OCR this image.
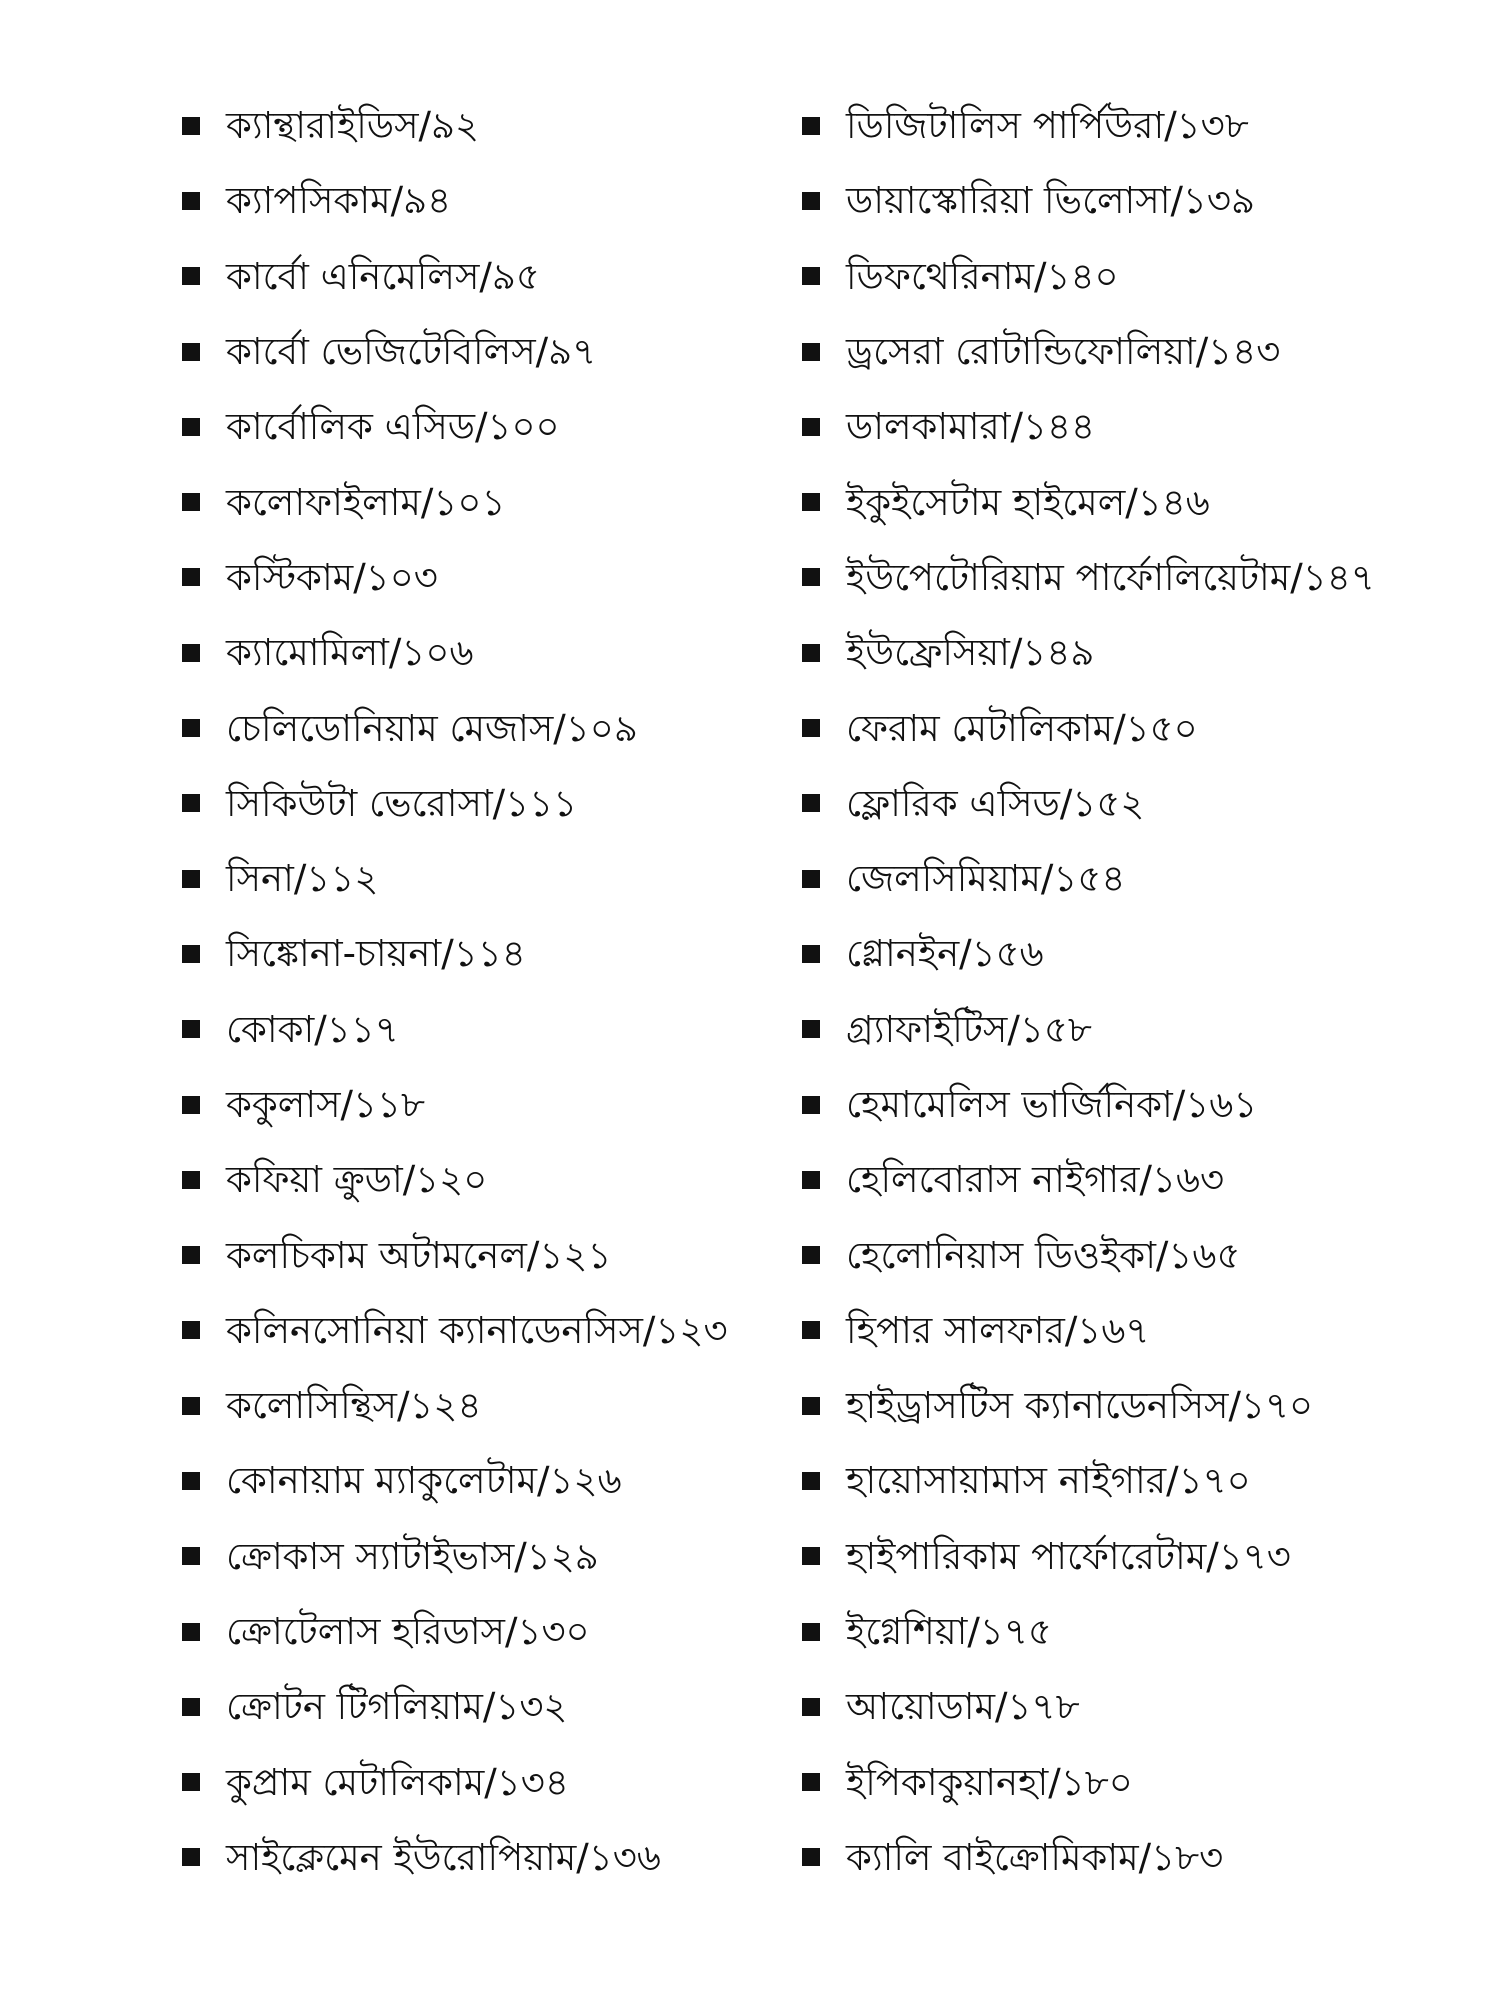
ক্যান্থারাইডিস/৯২
ক্যাপসিকাম/৯৪
কার্বো এনিমেলিস/৯৫
কার্বো ভেজিটেবিলিস/৯৭
কার্বোলিক এসিড/১০০
কলোফাইলাম/১০১
কস্টিকাম/১০৩
ক্যামোমিলা/১০৬
চেলিডোনিয়াম মেজাস/১০৯
সিকিউটা ভেরোসা/১১১
সিনা/১১২
সিঙ্কোনা-চায়না/১১৪
কোকা/১১৭
ককুলাস/১১৮
কফিয়া ক্রুডা/১২০
কলচিকাম অটামনেল/১২১
কলিনসোনিয়া ক্যানাডেনসিস/১২৩
কলোসিন্থিস/১২৪
কোনায়াম ম্যাকুলেটাম/১২৬
ক্রোকাস স্যাটাইভাস/১২৯
ক্রোটেলাস হরিডাস/১৩০
ক্রোটন টিগলিয়াম/১৩২
কুপ্রাম মেটালিকাম/১৩৪
সাইক্লেমেন ইউরোপিয়াম/১৩৬
ডিজিটালিস পার্পিউরা/১৩৮
ডায়াস্কোরিয়া ভিলোসা/১৩৯
ডিফথেরিনাম/১৪০
ড্রসেরা রোটান্ডিফোলিয়া/১৪৩
ডালকামারা/১৪৪
ইকুইসেটাম হাইমেল/১৪৬
ইউপেটোরিয়াম পার্ফোলিয়েটাম/১৪৭
ইউফ্রেসিয়া/১৪৯
ফেরাম মেটালিকাম/১৫০
ফ্লোরিক এসিড/১৫২
জেলসিমিয়াম/১৫৪
গ্লোনইন/১৫৬
গ্র্যাফাইটিস/১৫৮
হেমামেলিস ভার্জিনিকা/১৬১
হেলিবোরাস নাইগার/১৬৩
হেলোনিয়াস ডিওইকা/১৬৫
হিপার সালফার/১৬৭
হাইড্রাসটিস ক্যানাডেনসিস/১৭০
হায়োসায়ামাস নাইগার/১৭০
হাইপারিকাম পার্ফোরেটাম/১৭৩
ইগ্নেশিয়া/১৭৫
আয়োডাম/১৭৮
ইপিকাকুয়ানহা/১৮০
ক্যালি বাইক্রোমিকাম/১৮৩
